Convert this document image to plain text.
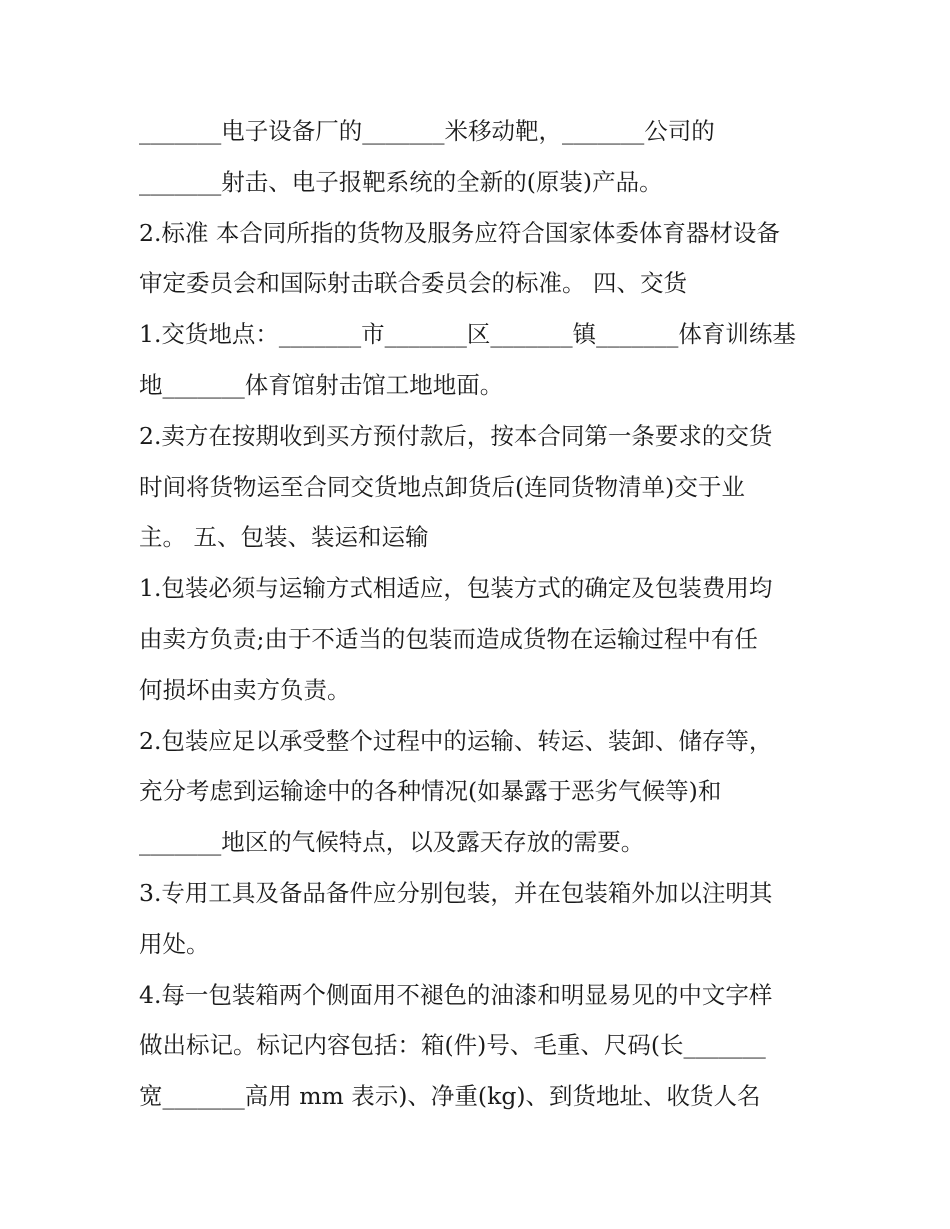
_______电子设备厂的_______米移动靶，_______公司的
_______射击、电子报靶系统的全新的(原装)产品。
2.标准 本合同所指的货物及服务应符合国家体委体育器材设备
审定委员会和国际射击联合委员会的标准。 四、交货
1.交货地点：_______市_______区_______镇_______体育训练基
地_______体育馆射击馆工地地面。
2.卖方在按期收到买方预付款后，按本合同第一条要求的交货
时间将货物运至合同交货地点卸货后(连同货物清单)交于业
主。 五、包装、装运和运输
1.包装必须与运输方式相适应，包装方式的确定及包装费用均
由卖方负责;由于不适当的包装而造成货物在运输过程中有任
何损坏由卖方负责。
2.包装应足以承受整个过程中的运输、转运、装卸、储存等，
充分考虑到运输途中的各种情况(如暴露于恶劣气候等)和
_______地区的气候特点，以及露天存放的需要。
3.专用工具及备品备件应分别包装，并在包装箱外加以注明其
用处。
4.每一包装箱两个侧面用不褪色的油漆和明显易见的中文字样
做出标记。标记内容包括：箱(件)号、毛重、尺码(长_______
宽_______高用 mm 表示)、净重(kg)、到货地址、收货人名
